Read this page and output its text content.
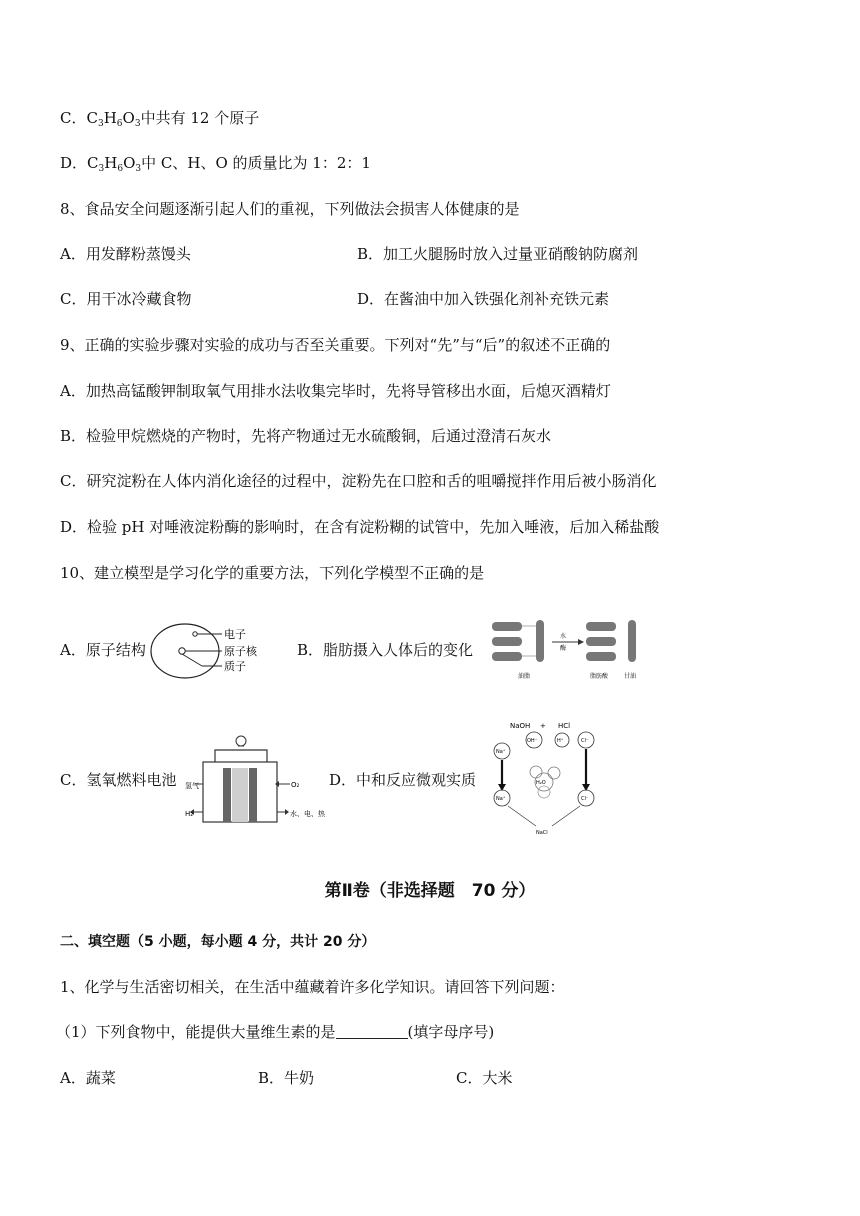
C．$C_3H_6O_3$中共有 12 个原子
D．$C_3H_6O_3$中 C、H、O 的质量比为 1：2：1
8、食品安全问题逐渐引起人们的重视，下列做法会损害人体健康的是
A．用发酵粉蒸馒头	B．加工火腿肠时放入过量亚硝酸钠防腐剂
C．用干冰冷藏食物	D．在酱油中加入铁强化剂补充铁元素
9、正确的实验步骤对实验的成功与否至关重要。下列对“先”与“后”的叙述不正确的
A．加热高锰酸钾制取氧气用排水法收集完毕时，先将导管移出水面，后熄灭酒精灯
B．检验甲烷燃烧的产物时，先将产物通过无水硫酸铜，后通过澄清石灰水
C．研究淀粉在人体内消化途径的过程中，淀粉先在口腔和舌的咀嚼搅拌作用后被小肠消化
D．检验 pH 对唾液淀粉酶的影响时，在含有淀粉糊的试管中，先加入唾液，后加入稀盐酸
10、建立模型是学习化学的重要方法，下列化学模型不正确的是
A．原子结构
电子
原子核
质子
B．脂肪摄入人体后的变化
水
酶
油脂	脂肪酸	甘油
C．氢氧燃料电池 氢气	O₂
H₂	水、电、热
D．中和反应微观实质
NaOH + HCl
Na⁺
OH⁻	H⁺	Cl⁻
H₂O
Na⁺	Cl⁻
NaCl
第Ⅱ卷（非选择题　70 分）
二、填空题（5 小题，每小题 4 分，共计 20 分）
1、化学与生活密切相关，在生活中蕴藏着许多化学知识。请回答下列问题：
（1）下列食物中，能提供大量维生素的是	(填字母序号)
A．蔬菜	B．牛奶	C．大米
